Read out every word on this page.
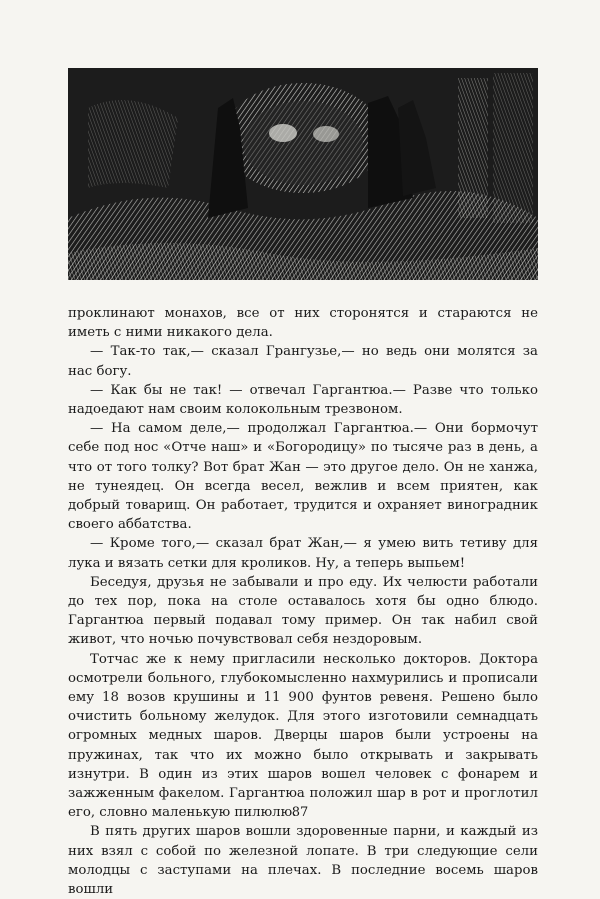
проклинают монахов, все от них сторонятся и стараются не иметь с ними никакого дела.

— Так-то так,— сказал Грангузье,— но ведь они молятся за нас богу.

— Как бы не так! — отвечал Гаргантюа.— Разве что только надоедают нам своим колокольным трезвоном.

— На самом деле,— продолжал Гаргантюа.— Они бормочут себе под нос «Отче наш» и «Богородицу» по тысяче раз в день, а что от того толку? Вот брат Жан — это другое дело. Он не ханжа, не тунеядец. Он всегда весел, вежлив и всем приятен, как добрый товарищ. Он работает, трудится и охраняет виноградник своего аббатства.

— Кроме того,— сказал брат Жан,— я умею вить тетиву для лука и вязать сетки для кроликов. Ну, а теперь выпьем!

Беседуя, друзья не забывали и про еду. Их челюсти работали до тех пор, пока на столе оставалось хотя бы одно блюдо. Гаргантюа первый подавал тому пример. Он так набил свой живот, что ночью почувствовал себя нездоровым.

Тотчас же к нему пригласили несколько докторов. Доктора осмотрели больного, глубокомысленно нахмурились и прописали ему 18 возов крушины и 11 900 фунтов ревеня. Решено было очистить больному желудок. Для этого изготовили семнадцать огромных медных шаров. Дверцы шаров были устроены на пружинах, так что их можно было открывать и закрывать изнутри. В один из этих шаров вошел человек с фонарем и зажженным факелом. Гаргантюа положил шар в рот и проглотил его, словно маленькую пилюлю.

В пять других шаров вошли здоровенные парни, и каждый из них взял с собой по железной лопате. В три следующие сели молодцы с заступами на плечах. В последние восемь шаров вошли

87
